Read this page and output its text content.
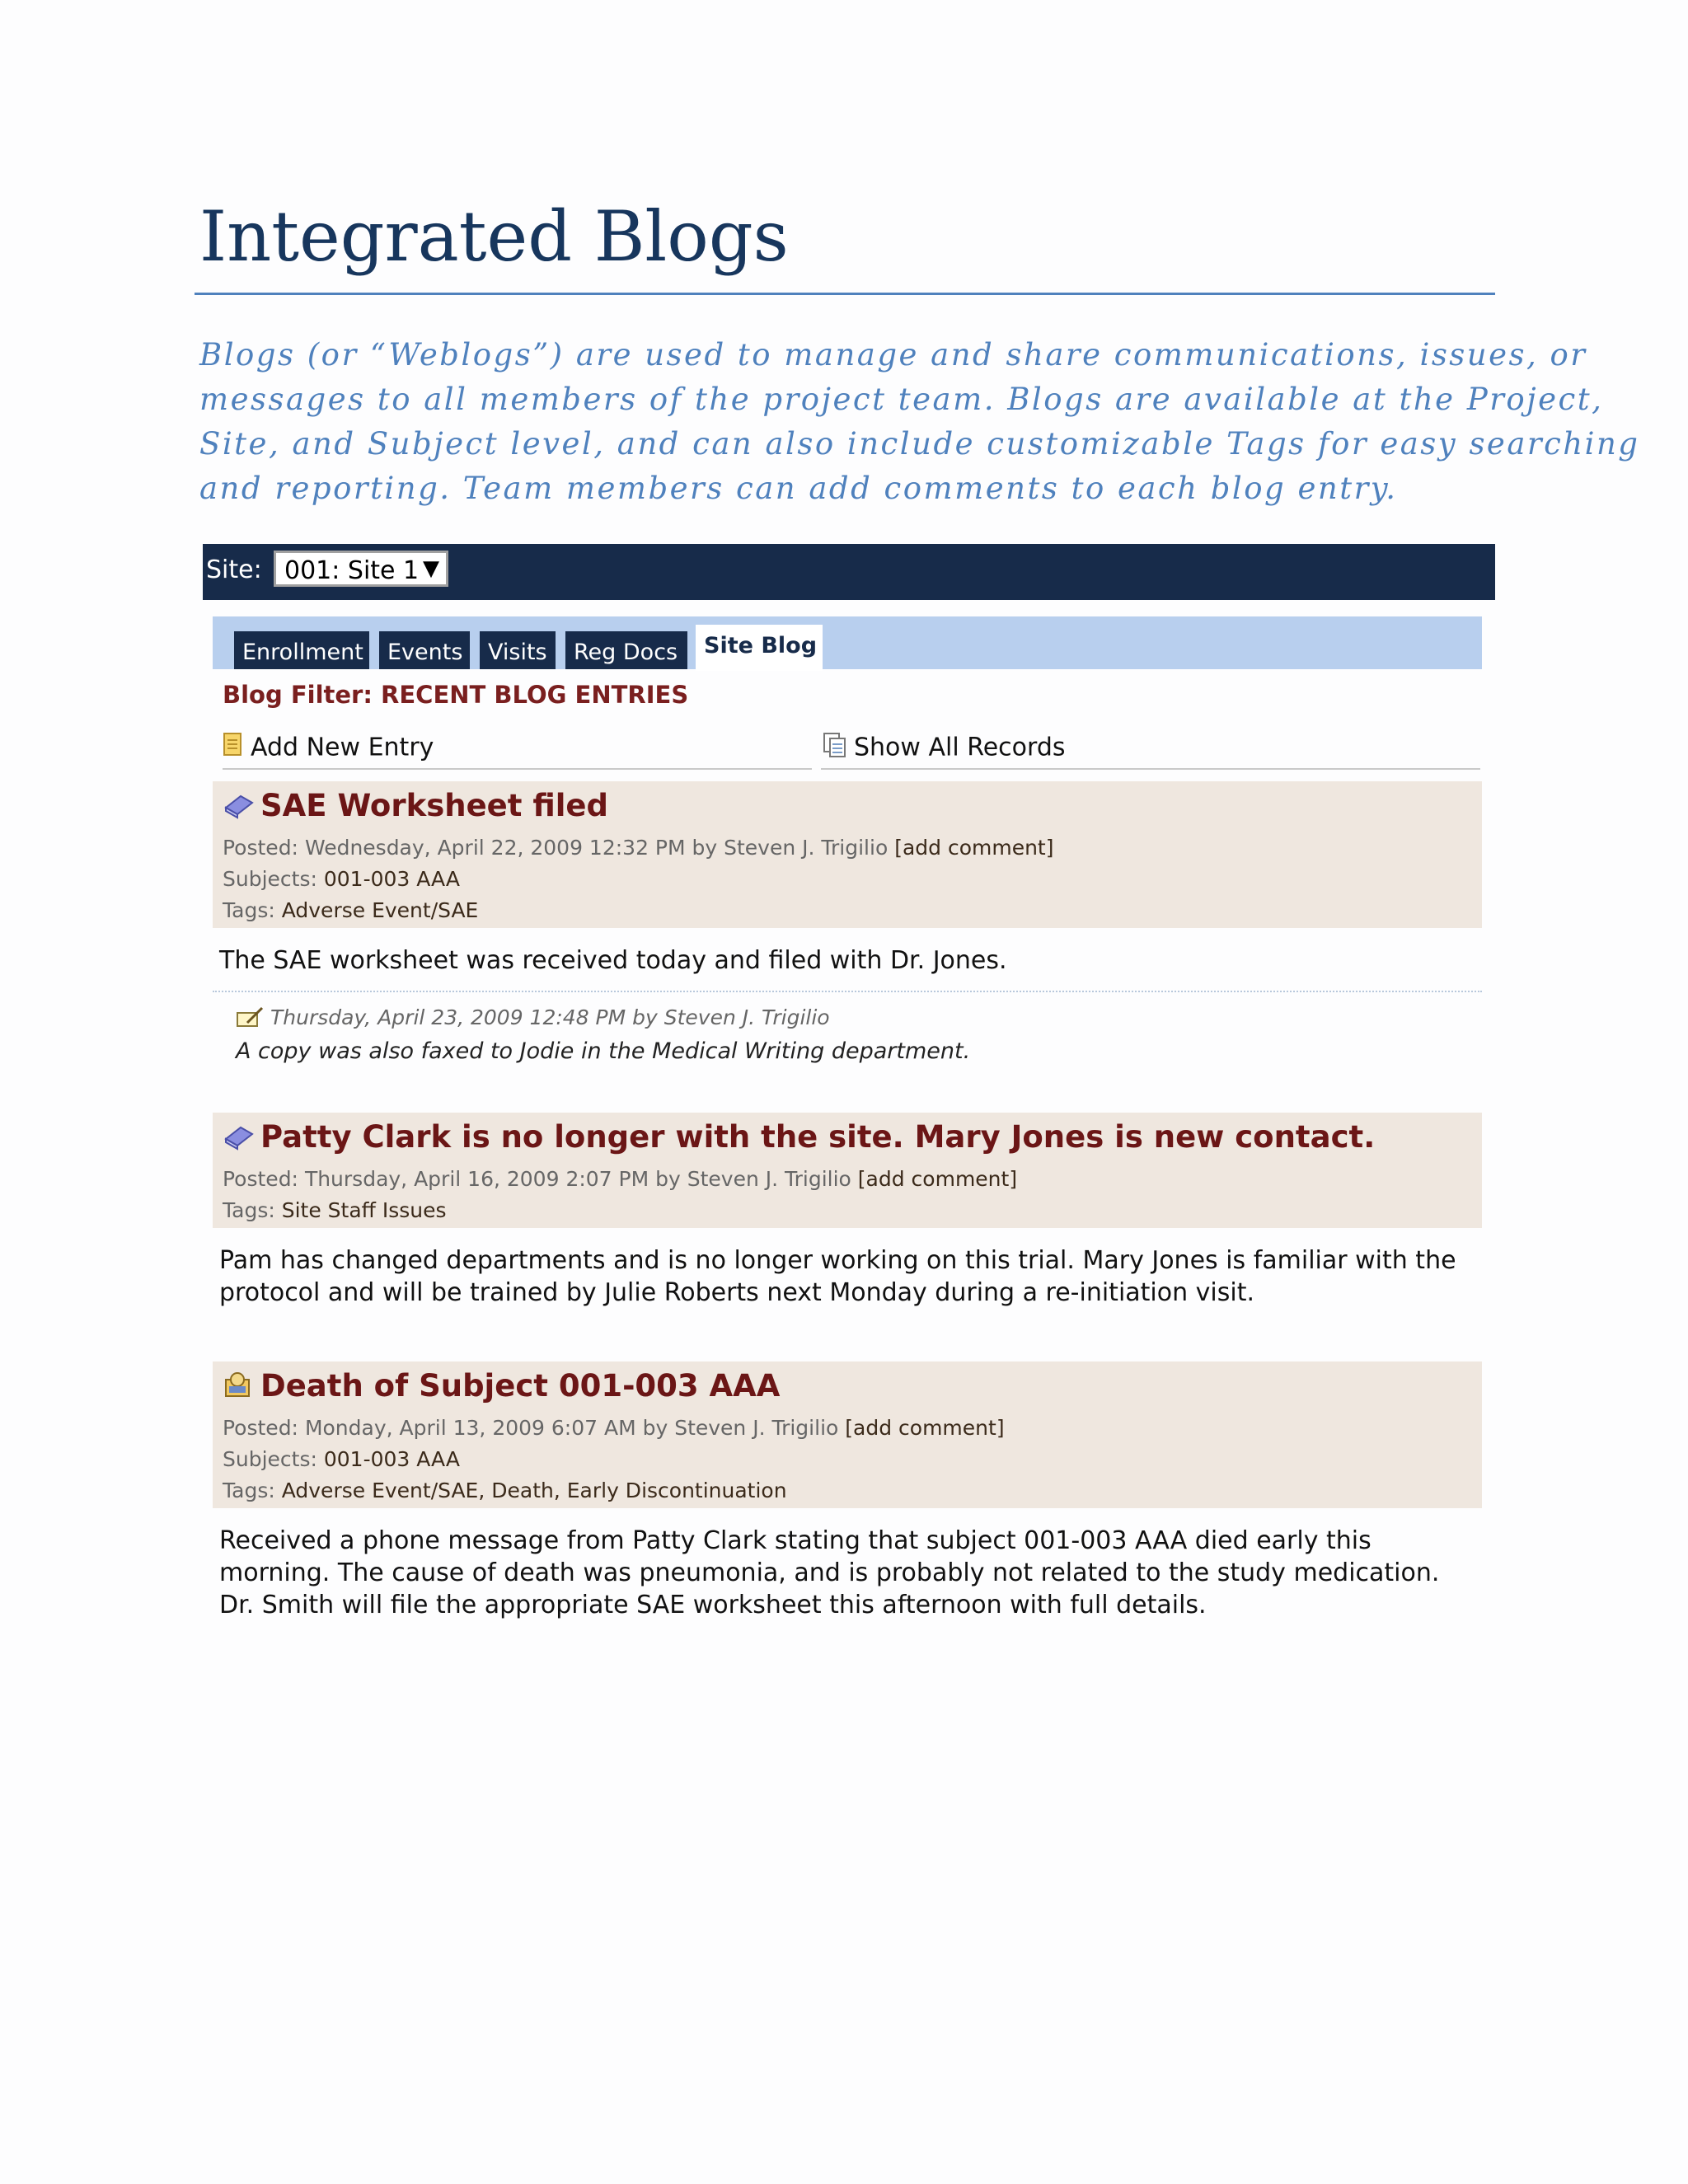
Integrated Blogs
Blogs (or “Weblogs”) are used to manage and share communications, issues, or
messages to all members of the project team. Blogs are available at the Project,
Site, and Subject level, and can also include customizable Tags for easy searching
and reporting. Team members can add comments to each blog entry.
Site: 001: Site 1 ▼
Enrollment	Events	Visits	Reg Docs	Site Blog
Blog Filter: RECENT BLOG ENTRIES
Add New Entry	Show All Records
SAE Worksheet filed
Posted: Wednesday, April 22, 2009 12:32 PM by Steven J. Trigilio [add comment]
Subjects: 001-003 AAA
Tags: Adverse Event/SAE
The SAE worksheet was received today and filed with Dr. Jones.
Thursday, April 23, 2009 12:48 PM by Steven J. Trigilio
A copy was also faxed to Jodie in the Medical Writing department.
Patty Clark is no longer with the site. Mary Jones is new contact.
Posted: Thursday, April 16, 2009 2:07 PM by Steven J. Trigilio [add comment]
Tags: Site Staff Issues
Pam has changed departments and is no longer working on this trial. Mary Jones is familiar with the
protocol and will be trained by Julie Roberts next Monday during a re-initiation visit.
Death of Subject 001-003 AAA
Posted: Monday, April 13, 2009 6:07 AM by Steven J. Trigilio [add comment]
Subjects: 001-003 AAA
Tags: Adverse Event/SAE, Death, Early Discontinuation
Received a phone message from Patty Clark stating that subject 001-003 AAA died early this
morning. The cause of death was pneumonia, and is probably not related to the study medication.
Dr. Smith will file the appropriate SAE worksheet this afternoon with full details.
